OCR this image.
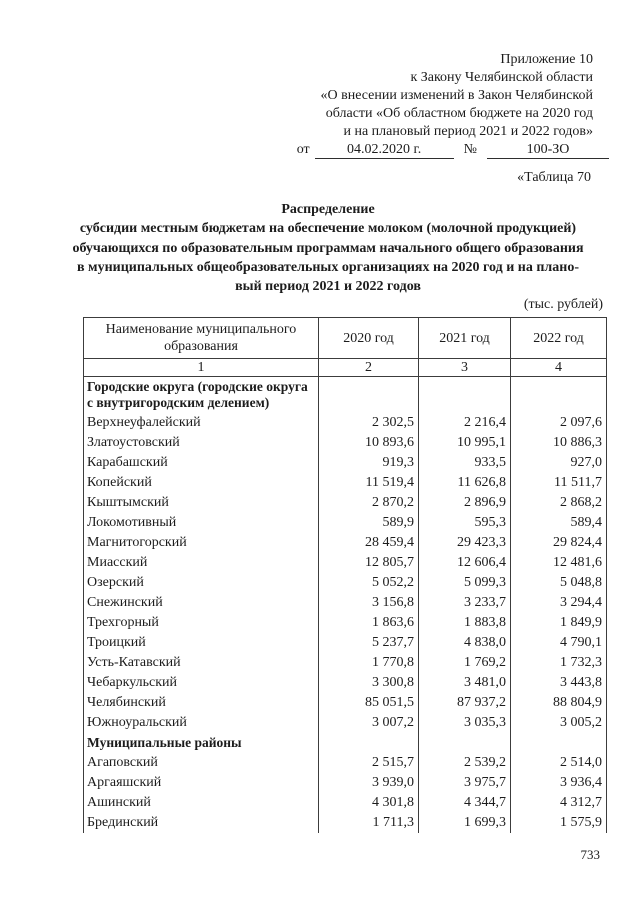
Приложение 10
к Закону Челябинской области
«О внесении изменений в Закон Челябинской
области «Об областном бюджете на 2020 год
и на плановый период 2021 и 2022 годов»
от	04.02.2020 г.	№	100-ЗО
«Таблица 70
Распределение
субсидии местным бюджетам на обеспечение молоком (молочной продукцией)
обучающихся по образовательным программам начального общего образования
в муниципальных общеобразовательных организациях на 2020 год и на плано-
вый период 2021 и 2022 годов
(тыс. рублей)
Наименование муниципального образования	2020 год	2021 год	2022 год
1	2	3	4
Городские округа (городские округа с внутригородским делением)			
Верхнеуфалейский	2 302,5	2 216,4	2 097,6
Златоустовский	10 893,6	10 995,1	10 886,3
Карабашский	919,3	933,5	927,0
Копейский	11 519,4	11 626,8	11 511,7
Кыштымский	2 870,2	2 896,9	2 868,2
Локомотивный	589,9	595,3	589,4
Магнитогорский	28 459,4	29 423,3	29 824,4
Миасский	12 805,7	12 606,4	12 481,6
Озерский	5 052,2	5 099,3	5 048,8
Снежинский	3 156,8	3 233,7	3 294,4
Трехгорный	1 863,6	1 883,8	1 849,9
Троицкий	5 237,7	4 838,0	4 790,1
Усть-Катавский	1 770,8	1 769,2	1 732,3
Чебаркульский	3 300,8	3 481,0	3 443,8
Челябинский	85 051,5	87 937,2	88 804,9
Южноуральский	3 007,2	3 035,3	3 005,2
Муниципальные районы			
Агаповский	2 515,7	2 539,2	2 514,0
Аргаяшский	3 939,0	3 975,7	3 936,4
Ашинский	4 301,8	4 344,7	4 312,7
Брединский	1 711,3	1 699,3	1 575,9
733
